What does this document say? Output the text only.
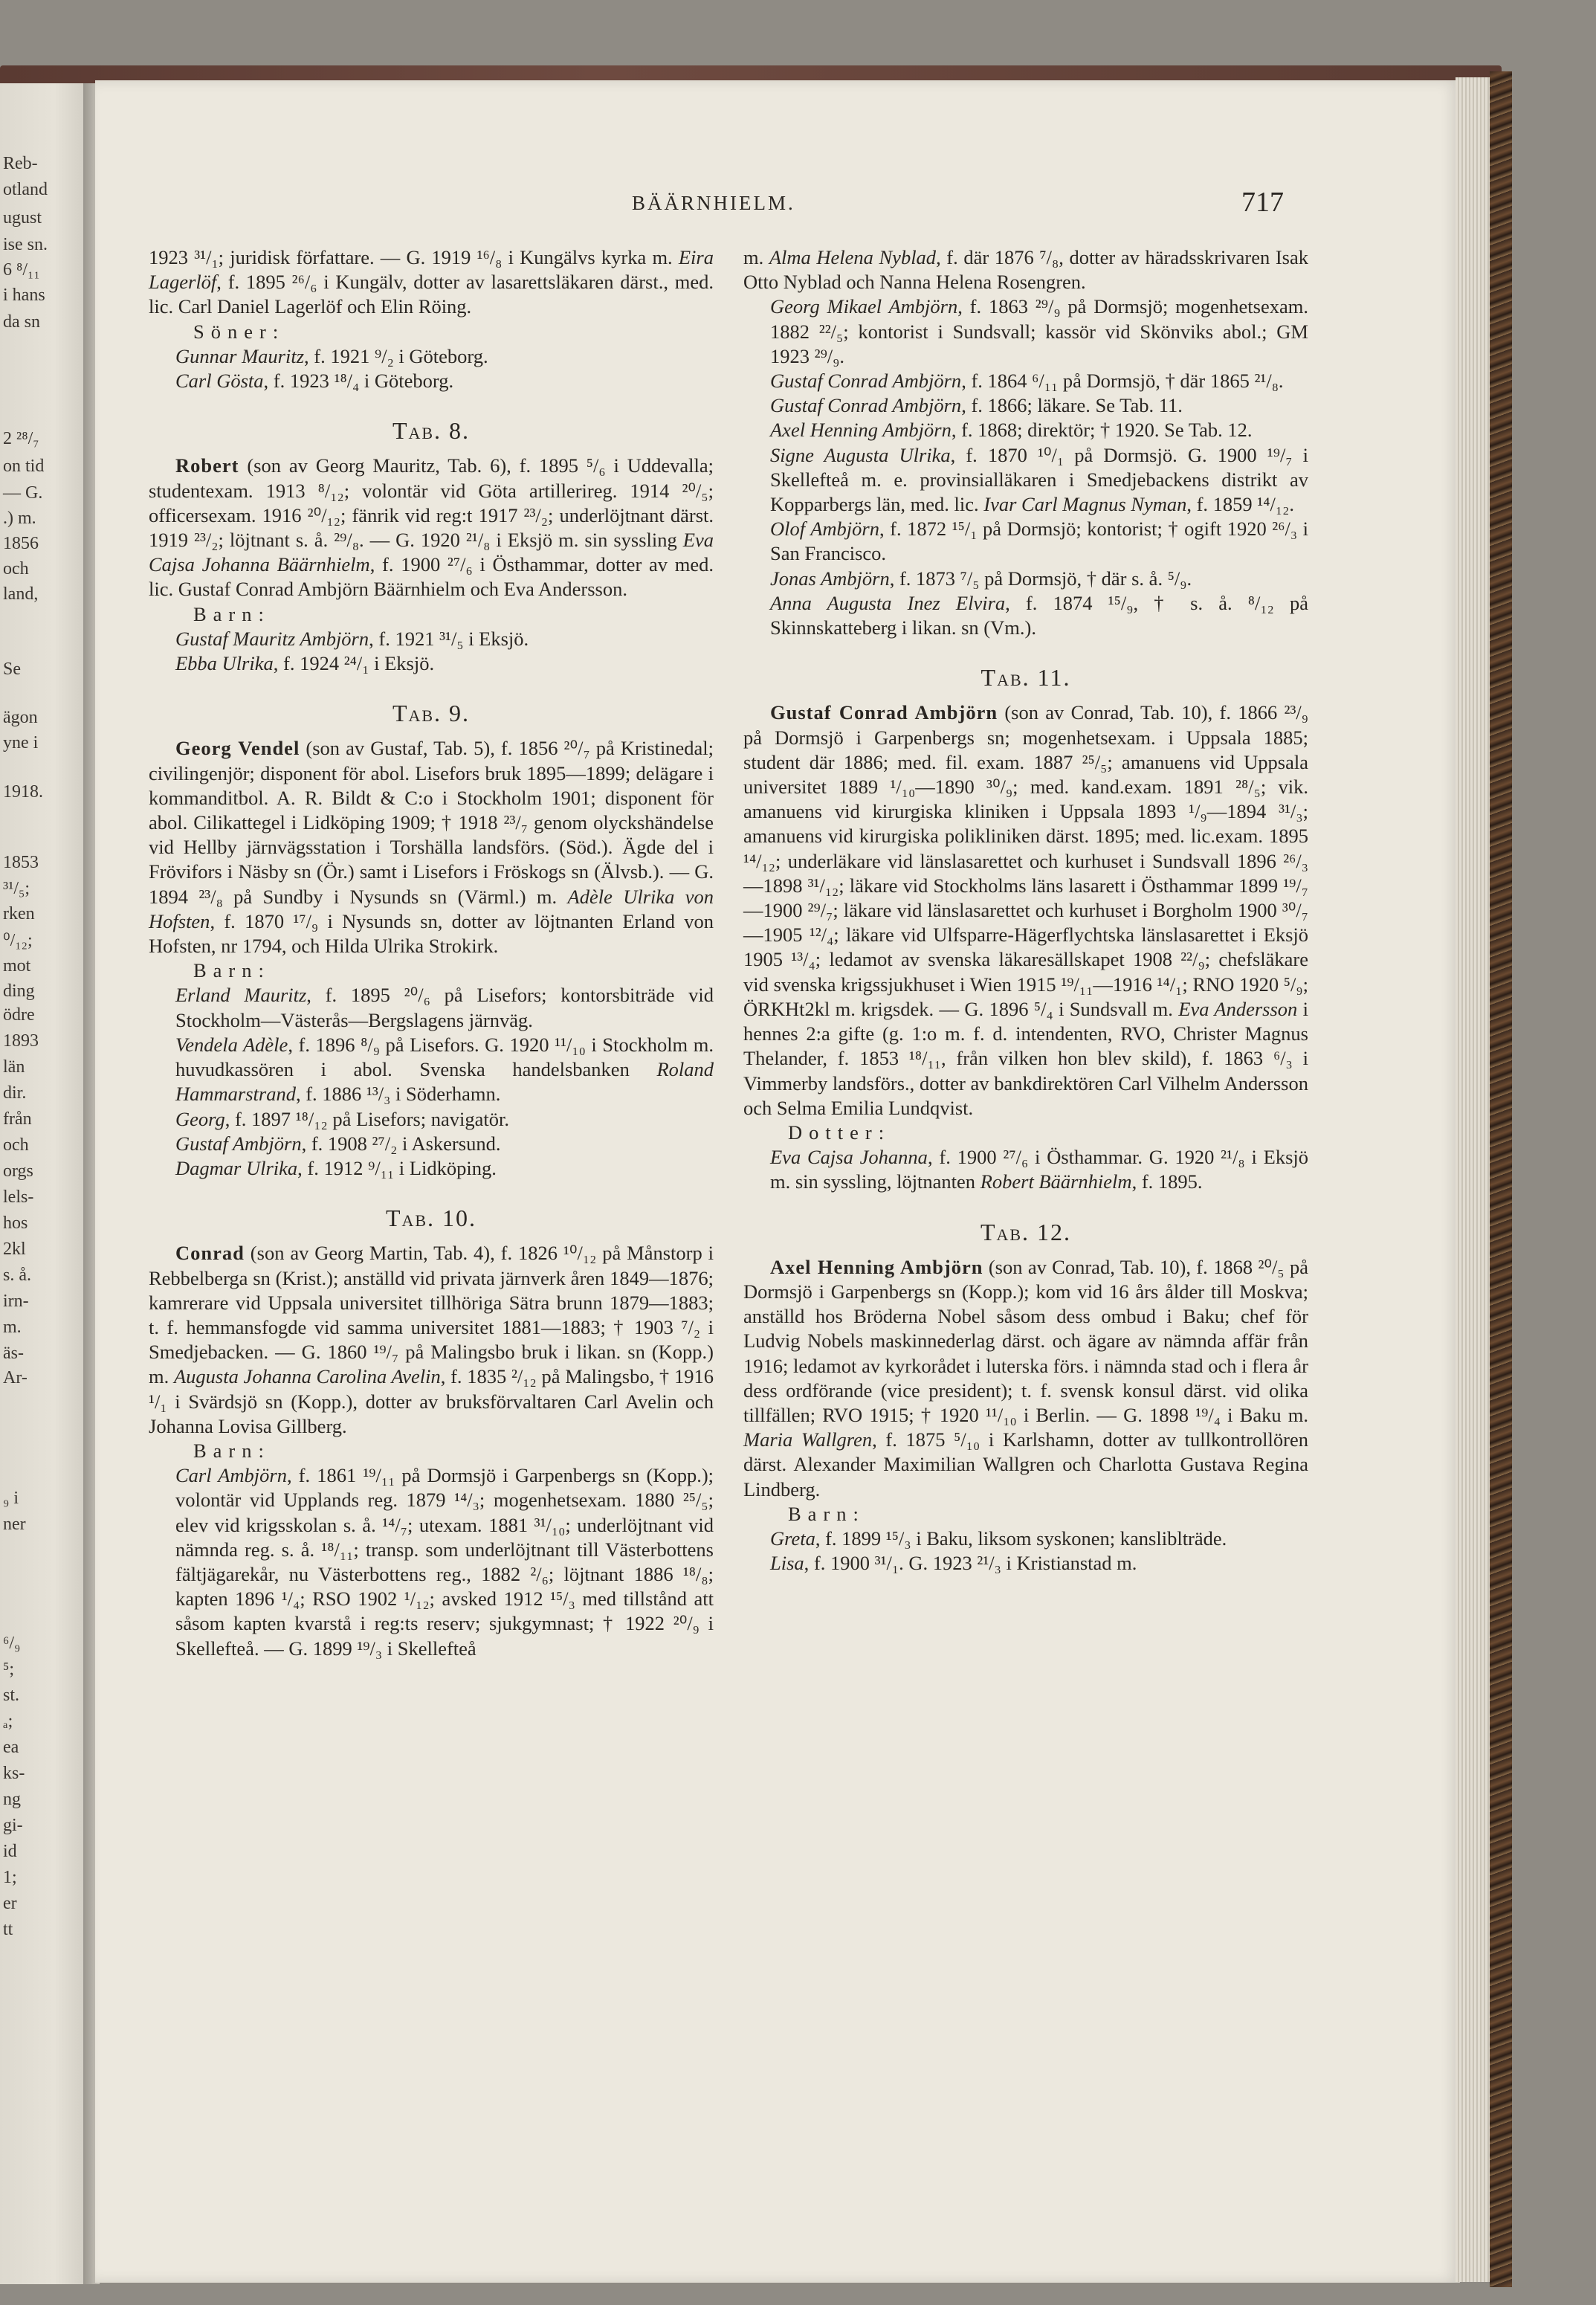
Reb-
otland
ugust
ise sn.
6 ⁸/₁₁
i hans
da sn
2 ²⁸/₇
on tid
— G.
.) m.
1856
och
land,
Se
ägon
yne i
1918.
1853
³¹/₅;
rken
⁰/₁₂;
mot
ding
ödre
1893
län
dir.
från
och
orgs
lels-
hos
2kl
s. å.
irn-
m.
äs-
Ar-
₉ i
ner
⁶/₉
⁵;
st.
ₐ;
ea
ks-
ng
gi-
id
1;
er
tt
BÄÄRNHIELM.	717

1923 ³¹/₁; juridisk författare. — G. 1919 ¹⁶/₈ i Kungälvs kyrka m. Eira Lagerlöf, f. 1895 ²⁶/₆ i Kungälv, dotter av lasarettsläkaren därst., med. lic. Carl Daniel Lagerlöf och Elin Röing.

Söner:

Gunnar Mauritz, f. 1921 ⁹/₂ i Göteborg.

Carl Gösta, f. 1923 ¹⁸/₄ i Göteborg.

Tab. 8.

Robert (son av Georg Mauritz, Tab. 6), f. 1895 ⁵/₆ i Uddevalla; studentexam. 1913 ⁸/₁₂; volontär vid Göta artillerireg. 1914 ²⁰/₅; officersexam. 1916 ²⁰/₁₂; fänrik vid reg:t 1917 ²³/₂; underlöjtnant därst. 1919 ²³/₂; löjtnant s. å. ²⁹/₈. — G. 1920 ²¹/₈ i Eksjö m. sin syssling Eva Cajsa Johanna Bäärnhielm, f. 1900 ²⁷/₆ i Östhammar, dotter av med. lic. Gustaf Conrad Ambjörn Bäärnhielm och Eva Andersson.

Barn:

Gustaf Mauritz Ambjörn, f. 1921 ³¹/₅ i Eksjö.

Ebba Ulrika, f. 1924 ²⁴/₁ i Eksjö.

Tab. 9.

Georg Vendel (son av Gustaf, Tab. 5), f. 1856 ²⁰/₇ på Kristinedal; civilingenjör; disponent för abol. Lisefors bruk 1895—1899; delägare i kommanditbol. A. R. Bildt & C:o i Stockholm 1901; disponent för abol. Cilikattegel i Lidköping 1909; † 1918 ²³/₇ genom olyckshändelse vid Hellby järnvägsstation i Torshälla landsförs. (Söd.). Ägde del i Frövifors i Näsby sn (Ör.) samt i Lisefors i Fröskogs sn (Älvsb.). — G. 1894 ²³/₈ på Sundby i Nysunds sn (Värml.) m. Adèle Ulrika von Hofsten, f. 1870 ¹⁷/₉ i Nysunds sn, dotter av löjtnanten Erland von Hofsten, nr 1794, och Hilda Ulrika Strokirk.

Barn:

Erland Mauritz, f. 1895 ²⁰/₆ på Lisefors; kontorsbiträde vid Stockholm—Västerås—Bergslagens järnväg.

Vendela Adèle, f. 1896 ⁸/₉ på Lisefors. G. 1920 ¹¹/₁₀ i Stockholm m. huvudkassören i abol. Svenska handelsbanken Roland Hammarstrand, f. 1886 ¹³/₃ i Söderhamn.

Georg, f. 1897 ¹⁸/₁₂ på Lisefors; navigatör.

Gustaf Ambjörn, f. 1908 ²⁷/₂ i Askersund.

Dagmar Ulrika, f. 1912 ⁹/₁₁ i Lidköping.

Tab. 10.

Conrad (son av Georg Martin, Tab. 4), f. 1826 ¹⁰/₁₂ på Månstorp i Rebbelberga sn (Krist.); anställd vid privata järnverk åren 1849—1876; kamrerare vid Uppsala universitet tillhöriga Sätra brunn 1879—1883; t. f. hemmansfogde vid samma universitet 1881—1883; † 1903 ⁷/₂ i Smedjebacken. — G. 1860 ¹⁹/₇ på Malingsbo bruk i likan. sn (Kopp.) m. Augusta Johanna Carolina Avelin, f. 1835 ²/₁₂ på Malingsbo, † 1916 ¹/₁ i Svärdsjö sn (Kopp.), dotter av bruksförvaltaren Carl Avelin och Johanna Lovisa Gillberg.

Barn:

Carl Ambjörn, f. 1861 ¹⁹/₁₁ på Dormsjö i Garpenbergs sn (Kopp.); volontär vid Upplands reg. 1879 ¹⁴/₃; mogenhetsexam. 1880 ²⁵/₅; elev vid krigsskolan s. å. ¹⁴/₇; utexam. 1881 ³¹/₁₀; underlöjtnant vid nämnda reg. s. å. ¹⁸/₁₁; transp. som underlöjtnant till Västerbottens fältjägarekår, nu Västerbottens reg., 1882 ²/₆; löjtnant 1886 ¹⁸/₈; kapten 1896 ¹/₄; RSO 1902 ¹/₁₂; avsked 1912 ¹⁵/₃ med tillstånd att såsom kapten kvarstå i reg:ts reserv; sjukgymnast; † 1922 ²⁰/₉ i Skellefteå. — G. 1899 ¹⁹/₃ i Skellefteå

m. Alma Helena Nyblad, f. där 1876 ⁷/₈, dotter av häradsskrivaren Isak Otto Nyblad och Nanna Helena Rosengren.

Georg Mikael Ambjörn, f. 1863 ²⁹/₉ på Dormsjö; mogenhetsexam. 1882 ²²/₅; kontorist i Sundsvall; kassör vid Skönviks abol.; GM 1923 ²⁹/₉.

Gustaf Conrad Ambjörn, f. 1864 ⁶/₁₁ på Dormsjö, † där 1865 ²¹/₈.

Gustaf Conrad Ambjörn, f. 1866; läkare. Se Tab. 11.

Axel Henning Ambjörn, f. 1868; direktör; † 1920. Se Tab. 12.

Signe Augusta Ulrika, f. 1870 ¹⁰/₁ på Dormsjö. G. 1900 ¹⁹/₇ i Skellefteå m. e. provinsialläkaren i Smedjebackens distrikt av Kopparbergs län, med. lic. Ivar Carl Magnus Nyman, f. 1859 ¹⁴/₁₂.

Olof Ambjörn, f. 1872 ¹⁵/₁ på Dormsjö; kontorist; † ogift 1920 ²⁶/₃ i San Francisco.

Jonas Ambjörn, f. 1873 ⁷/₅ på Dormsjö, † där s. å. ⁵/₉.

Anna Augusta Inez Elvira, f. 1874 ¹⁵/₉, † s. å. ⁸/₁₂ på Skinnskatteberg i likan. sn (Vm.).

Tab. 11.

Gustaf Conrad Ambjörn (son av Conrad, Tab. 10), f. 1866 ²³/₉ på Dormsjö i Garpenbergs sn; mogenhetsexam. i Uppsala 1885; student där 1886; med. fil. exam. 1887 ²⁵/₅; amanuens vid Uppsala universitet 1889 ¹/₁₀—1890 ³⁰/₉; med. kand.exam. 1891 ²⁸/₅; vik. amanuens vid kirurgiska kliniken i Uppsala 1893 ¹/₉—1894 ³¹/₃; amanuens vid kirurgiska polikliniken därst. 1895; med. lic.exam. 1895 ¹⁴/₁₂; underläkare vid länslasarettet och kurhuset i Sundsvall 1896 ²⁶/₃—1898 ³¹/₁₂; läkare vid Stockholms läns lasarett i Östhammar 1899 ¹⁹/₇—1900 ²⁹/₇; läkare vid länslasarettet och kurhuset i Borgholm 1900 ³⁰/₇—1905 ¹²/₄; läkare vid Ulfsparre-Hägerflychtska länslasarettet i Eksjö 1905 ¹³/₄; ledamot av svenska läkaresällskapet 1908 ²²/₉; chefsläkare vid svenska krigssjukhuset i Wien 1915 ¹⁹/₁₁—1916 ¹⁴/₁; RNO 1920 ⁵/₉; ÖRKHt2kl m. krigsdek. — G. 1896 ⁵/₄ i Sundsvall m. Eva Andersson i hennes 2:a gifte (g. 1:o m. f. d. intendenten, RVO, Christer Magnus Thelander, f. 1853 ¹⁸/₁₁, från vilken hon blev skild), f. 1863 ⁶/₃ i Vimmerby landsförs., dotter av bankdirektören Carl Vilhelm Andersson och Selma Emilia Lundqvist.

Dotter:

Eva Cajsa Johanna, f. 1900 ²⁷/₆ i Östhammar. G. 1920 ²¹/₈ i Eksjö m. sin syssling, löjtnanten Robert Bäärnhielm, f. 1895.

Tab. 12.

Axel Henning Ambjörn (son av Conrad, Tab. 10), f. 1868 ²⁰/₅ på Dormsjö i Garpenbergs sn (Kopp.); kom vid 16 års ålder till Moskva; anställd hos Bröderna Nobel såsom dess ombud i Baku; chef för Ludvig Nobels maskinnederlag därst. och ägare av nämnda affär från 1916; ledamot av kyrkorådet i luterska förs. i nämnda stad och i flera år dess ordförande (vice president); t. f. svensk konsul därst. vid olika tillfällen; RVO 1915; † 1920 ¹¹/₁₀ i Berlin. — G. 1898 ¹⁹/₄ i Baku m. Maria Wallgren, f. 1875 ⁵/₁₀ i Karlshamn, dotter av tullkontrollören därst. Alexander Maximilian Wallgren och Charlotta Gustava Regina Lindberg.

Barn:

Greta, f. 1899 ¹⁵/₃ i Baku, liksom syskonen; kansliblträde.

Lisa, f. 1900 ³¹/₁. G. 1923 ²¹/₃ i Kristianstad m.
